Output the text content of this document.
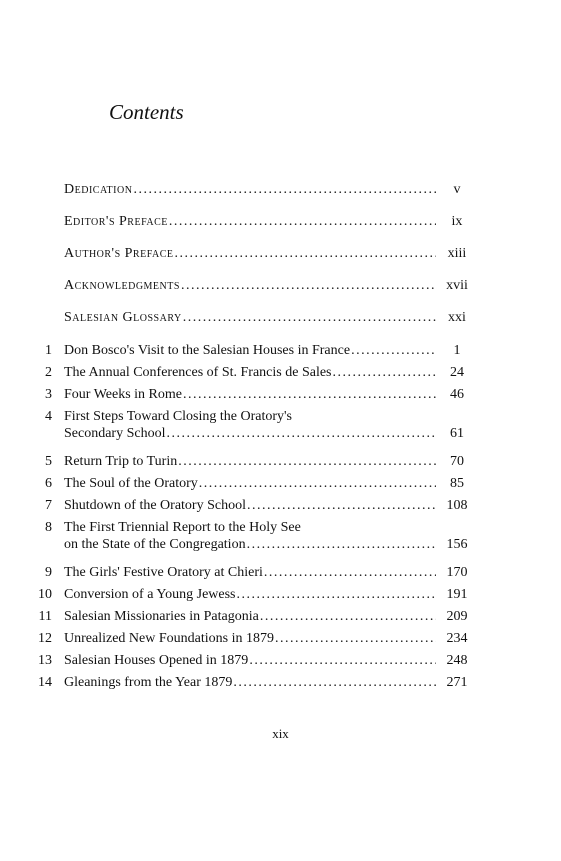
Contents
Dedication . . .	v
Editor's Preface . . .	ix
Author's Preface . . .	xiii
Acknowledgments . . .	xvii
Salesian Glossary . . .	xxi
1 Don Bosco's Visit to the Salesian Houses in France . . .	1
2 The Annual Conferences of St. Francis de Sales . . .	24
3 Four Weeks in Rome . . .	46
4 First Steps Toward Closing the Oratory's
Secondary School . . .	61
5 Return Trip to Turin . . .	70
6 The Soul of the Oratory . . .	85
7 Shutdown of the Oratory School . . .	108
8 The First Triennial Report to the Holy See
on the State of the Congregation . . .	156
9 The Girls' Festive Oratory at Chieri . . .	170
10 Conversion of a Young Jewess . . .	191
11 Salesian Missionaries in Patagonia . . .	209
12 Unrealized New Foundations in 1879 . . .	234
13 Salesian Houses Opened in 1879 . . .	248
14 Gleanings from the Year 1879 . . .	271
xix
